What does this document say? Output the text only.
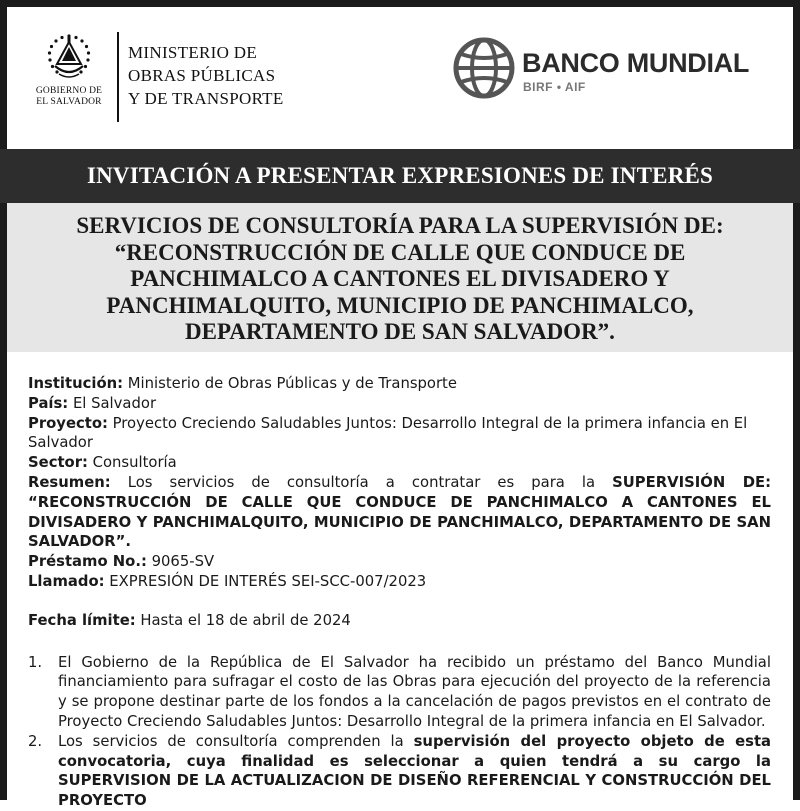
GOBIERNO DE
EL SALVADOR
MINISTERIO DE
OBRAS PÚBLICAS
Y DE TRANSPORTE
BANCO MUNDIAL
BIRF • AIF
INVITACIÓN A PRESENTAR EXPRESIONES DE INTERÉS
SERVICIOS DE CONSULTORÍA PARA LA SUPERVISIÓN DE:
“RECONSTRUCCIÓN DE CALLE QUE CONDUCE DE
PANCHIMALCO A CANTONES EL DIVISADERO Y
PANCHIMALQUITO, MUNICIPIO DE PANCHIMALCO,
DEPARTAMENTO DE SAN SALVADOR”.

Institución: Ministerio de Obras Públicas y de Transporte

País: El Salvador

Proyecto: Proyecto Creciendo Saludables Juntos: Desarrollo Integral de la primera infancia en El Salvador

Sector: Consultoría

Resumen: Los servicios de consultoría a contratar es para la SUPERVISIÓN DE: “RECONSTRUCCIÓN DE CALLE QUE CONDUCE DE PANCHIMALCO A CANTONES EL DIVISADERO Y PANCHIMALQUITO, MUNICIPIO DE PANCHIMALCO, DEPARTAMENTO DE SAN SALVADOR”.

Préstamo No.: 9065-SV

Llamado: EXPRESIÓN DE INTERÉS SEI-SCC-007/2023

Fecha límite: Hasta el 18 de abril de 2024

1. El Gobierno de la República de El Salvador ha recibido un préstamo del Banco Mundial financiamiento para sufragar el costo de las Obras para ejecución del proyecto de la referencia y se propone destinar parte de los fondos a la cancelación de pagos previstos en el contrato de Proyecto Creciendo Saludables Juntos: Desarrollo Integral de la primera infancia en El Salvador.
2. Los servicios de consultoría comprenden la supervisión del proyecto objeto de esta convocatoria, cuya finalidad es seleccionar a quien tendrá a su cargo la SUPERVISION DE LA ACTUALIZACION DE DISEÑO REFERENCIAL Y CONSTRUCCIÓN DEL PROYECTO
